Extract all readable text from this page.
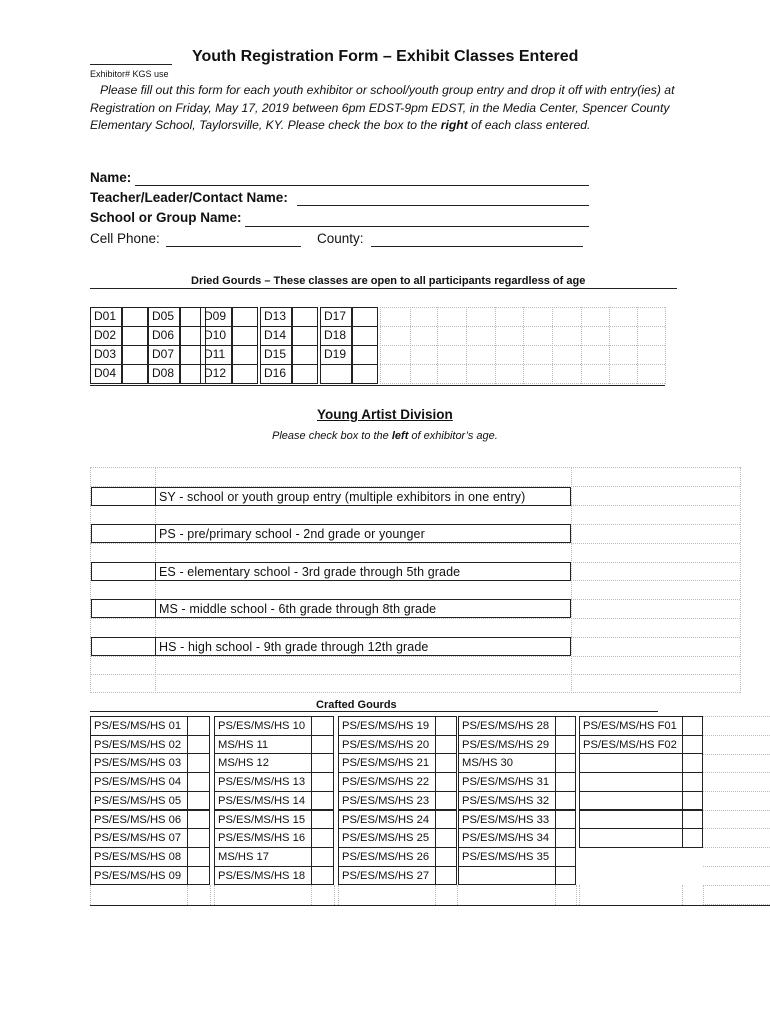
Youth Registration Form – Exhibit Classes Entered
Exhibitor# KGS use
Please fill out this form for each youth exhibitor or school/youth group entry and drop it off with entry(ies) at Registration on Friday, May 17, 2019 between 6pm EDST-9pm EDST, in the Media Center, Spencer County Elementary School, Taylorsville, KY. Please check the box to the right of each class entered.
Name:
Teacher/Leader/Contact Name:
School or Group Name:
Cell Phone:	County:
Dried Gourds – These classes are open to all participants regardless of age
D01
D02
D03
D04
D05
D06
D07
D08
D09
D10
D11
D12
D13
D14
D15
D16
D17
D18
D19
Young Artist Division
Please check box to the left of exhibitor’s age.
SY - school or youth group entry (multiple exhibitors in one entry)
PS - pre/primary school - 2nd grade or younger
ES - elementary school - 3rd grade through 5th grade
MS - middle school - 6th grade through 8th grade
HS - high school - 9th grade through 12th grade
Crafted Gourds
PS/ES/MS/HS 01
PS/ES/MS/HS 02
PS/ES/MS/HS 03
PS/ES/MS/HS 04
PS/ES/MS/HS 05
PS/ES/MS/HS 06
PS/ES/MS/HS 07
PS/ES/MS/HS 08
PS/ES/MS/HS 09
PS/ES/MS/HS 10
MS/HS 11
MS/HS 12
PS/ES/MS/HS 13
PS/ES/MS/HS 14
PS/ES/MS/HS 15
PS/ES/MS/HS 16
MS/HS 17
PS/ES/MS/HS 18
PS/ES/MS/HS 19
PS/ES/MS/HS 20
PS/ES/MS/HS 21
PS/ES/MS/HS 22
PS/ES/MS/HS 23
PS/ES/MS/HS 24
PS/ES/MS/HS 25
PS/ES/MS/HS 26
PS/ES/MS/HS 27
PS/ES/MS/HS 28
PS/ES/MS/HS 29
MS/HS 30
PS/ES/MS/HS 31
PS/ES/MS/HS 32
PS/ES/MS/HS 33
PS/ES/MS/HS 34
PS/ES/MS/HS 35
PS/ES/MS/HS F01
PS/ES/MS/HS F02
